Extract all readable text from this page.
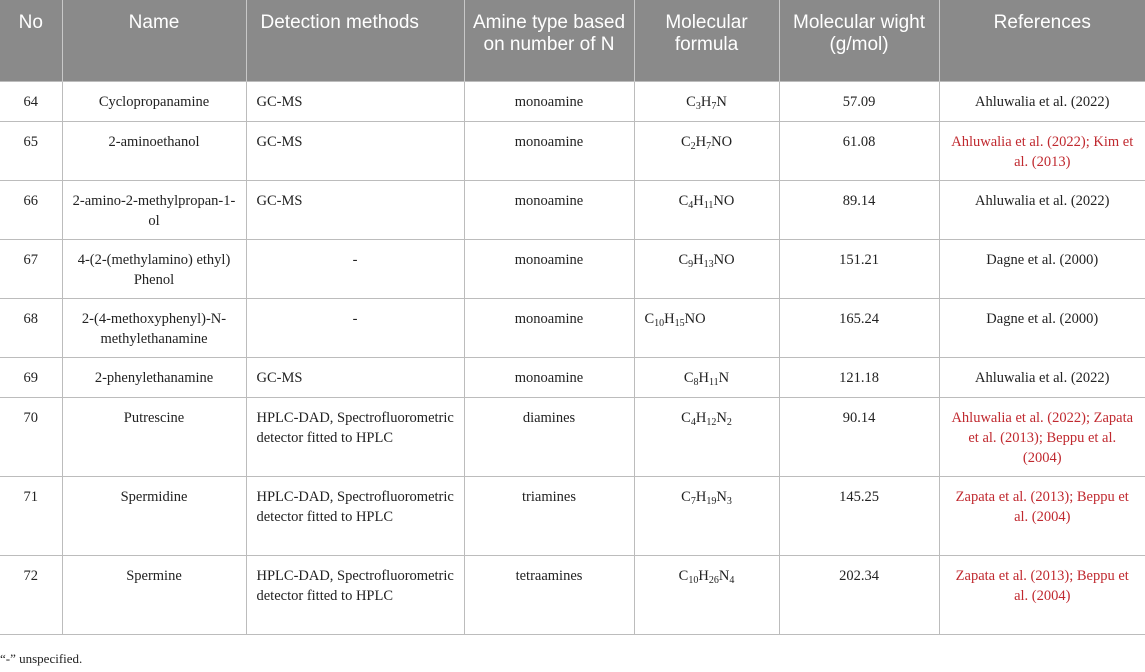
No	Name	Detection methods	Amine type based on number of N	Molecular formula	Molecular wight (g/mol)	References
64	Cyclopropanamine	GC-MS	monoamine	$C_3H_7N$	57.09	Ahluwalia et al. (2022)
65	2-aminoethanol	GC-MS	monoamine	$C_2H_7NO$	61.08	Ahluwalia et al. (2022); Kim et al. (2013)
66	2-amino-2-methylpropan-1-ol	GC-MS	monoamine	$C_4H_{11}NO$	89.14	Ahluwalia et al. (2022)
67	4-(2-(methylamino) ethyl) Phenol	-	monoamine	$C_9H_{13}NO$	151.21	Dagne et al. (2000)
68	2-(4-methoxyphenyl)-N-methylethanamine	-	monoamine	$C_{10}H_{15}NO$	165.24	Dagne et al. (2000)
69	2-phenylethanamine	GC-MS	monoamine	$C_8H_{11}N$	121.18	Ahluwalia et al. (2022)
70	Putrescine	HPLC-DAD, Spectrofluorometric detector fitted to HPLC	diamines	$C_4H_{12}N_2$	90.14	Ahluwalia et al. (2022); Zapata et al. (2013); Beppu et al. (2004)
71	Spermidine	HPLC-DAD, Spectrofluorometric detector fitted to HPLC	triamines	$C_7H_{19}N_3$	145.25	Zapata et al. (2013); Beppu et al. (2004)
72	Spermine	HPLC-DAD, Spectrofluorometric detector fitted to HPLC	tetraamines	$C_{10}H_{26}N_4$	202.34	Zapata et al. (2013); Beppu et al. (2004)
“-” unspecified.
